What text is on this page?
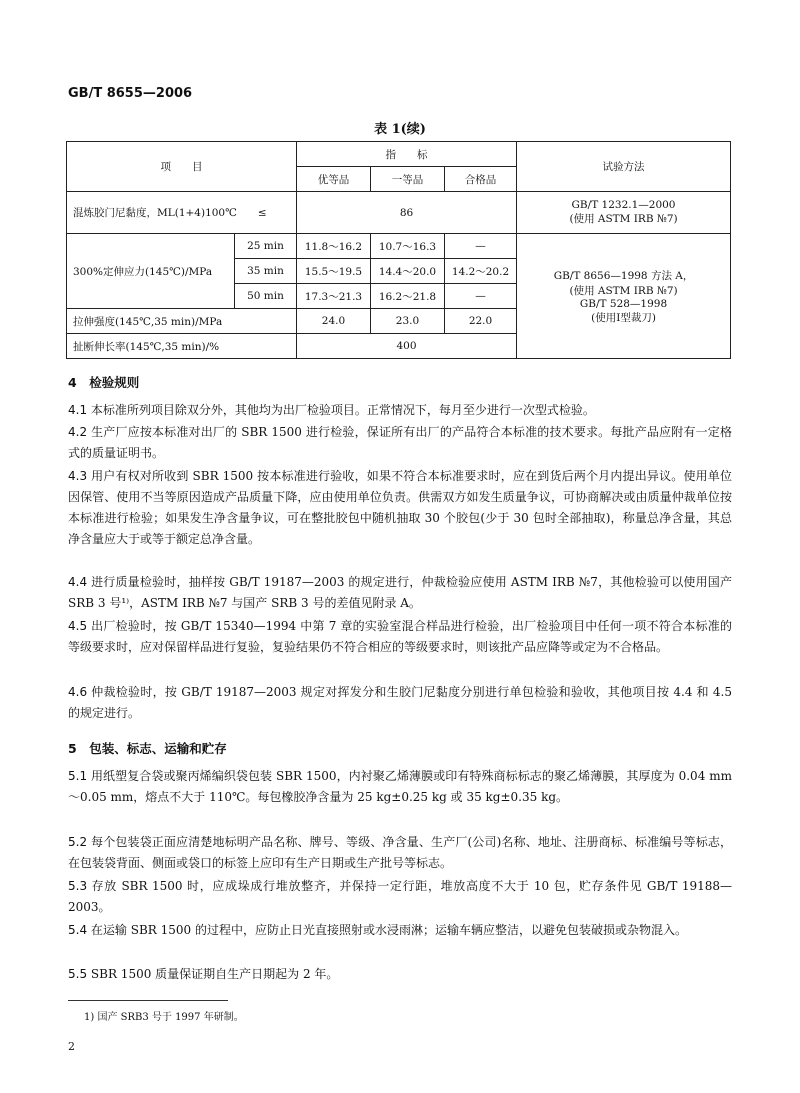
GB/T 8655—2006
表 1(续)
项　　目		指　　标			试验方法
		优等品	一等品	合格品	
混炼胶门尼黏度，ML(1+4)100℃　　≤		86			GB/T 1232.1—2000
(使用 ASTM IRB №7)

300%定伸应力(145℃)/MPa	25 min	11.8～16.2	10.7～16.3	—	GB/T 8656—1998 方法 A，
(使用 ASTM IRB №7)
GB/T 528—1998
(使用Ⅰ型裁刀)

	35 min	15.5～19.5	14.4～20.0	14.2～20.2	
	50 min	17.3～21.3	16.2～21.8	—	
拉伸强度(145℃,35 min)/MPa		24.0	23.0	22.0	
扯断伸长率(145℃,35 min)/%		400			
4　检验规则
4.1 本标准所列项目除双分外，其他均为出厂检验项目。正常情况下，每月至少进行一次型式检验。
4.2 生产厂应按本标准对出厂的 SBR 1500 进行检验，保证所有出厂的产品符合本标准的技术要求。每批产品应附有一定格式的质量证明书。
4.3 用户有权对所收到 SBR 1500 按本标准进行验收，如果不符合本标准要求时，应在到货后两个月内提出异议。使用单位因保管、使用不当等原因造成产品质量下降，应由使用单位负责。供需双方如发生质量争议，可协商解决或由质量仲裁单位按本标准进行检验；如果发生净含量争议，可在整批胶包中随机抽取 30 个胶包(少于 30 包时全部抽取)，称量总净含量，其总净含量应大于或等于额定总净含量。
4.4 进行质量检验时，抽样按 GB/T 19187—2003 的规定进行，仲裁检验应使用 ASTM IRB №7，其他检验可以使用国产 SRB 3 号¹⁾，ASTM IRB №7 与国产 SRB 3 号的差值见附录 A。
4.5 出厂检验时，按 GB/T 15340—1994 中第 7 章的实验室混合样品进行检验，出厂检验项目中任何一项不符合本标准的等级要求时，应对保留样品进行复验，复验结果仍不符合相应的等级要求时，则该批产品应降等或定为不合格品。
4.6 仲裁检验时，按 GB/T 19187—2003 规定对挥发分和生胶门尼黏度分别进行单包检验和验收，其他项目按 4.4 和 4.5 的规定进行。
5　包装、标志、运输和贮存
5.1 用纸塑复合袋或聚丙烯编织袋包装 SBR 1500，内衬聚乙烯薄膜或印有特殊商标标志的聚乙烯薄膜，其厚度为 0.04 mm～0.05 mm，熔点不大于 110℃。每包橡胶净含量为 25 kg±0.25 kg 或 35 kg±0.35 kg。
5.2 每个包装袋正面应清楚地标明产品名称、牌号、等级、净含量、生产厂(公司)名称、地址、注册商标、标准编号等标志，在包装袋背面、侧面或袋口的标签上应印有生产日期或生产批号等标志。
5.3 存放 SBR 1500 时，应成垛成行堆放整齐，并保持一定行距，堆放高度不大于 10 包，贮存条件见 GB/T 19188—2003。
5.4 在运输 SBR 1500 的过程中，应防止日光直接照射或水浸雨淋；运输车辆应整洁，以避免包装破损或杂物混入。
5.5 SBR 1500 质量保证期自生产日期起为 2 年。
1) 国产 SRB3 号于 1997 年研制。
2
